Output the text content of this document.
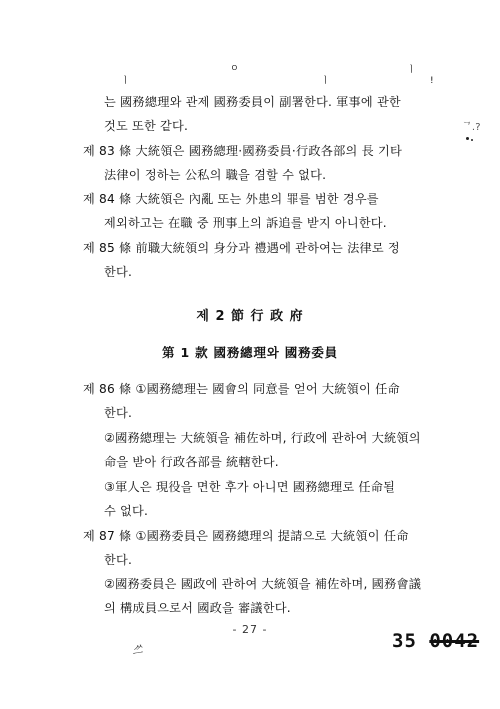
ㅣ
ㅇ
ㅣ
ㅣ
!
ᄀ.?
는 國務總理와 관제 國務委員이 副署한다. 軍事에 관한
것도 또한 같다.
제 83 條 大統領은 國務總理·國務委員·行政各部의 長 기타
法律이 정하는 公私의 職을 겸할 수 없다.
제 84 條 大統領은 內亂 또는 外患의 罪를 범한 경우를
제외하고는 在職 중 刑事上의 訴追를 받지 아니한다.
제 85 條 前職大統領의 身分과 禮遇에 관하여는 法律로 정
한다.
제 2 節 行 政 府
第 1 款 國務總理와 國務委員
제 86 條 ①國務總理는 國會의 同意를 얻어 大統領이 任命
한다.
②國務總理는 大統領을 補佐하며, 行政에 관하여 大統領의
命을 받아 行政各部를 統轄한다.
③軍人은 現役을 면한 후가 아니면 國務總理로 任命될
수 없다.
제 87 條 ①國務委員은 國務總理의 提請으로 大統領이 任命
한다.
②國務委員은 國政에 관하여 大統領을 補佐하며, 國務會議
의 構成員으로서 國政을 審議한다.
- 27 -
ᄽᅳ	35 0042
